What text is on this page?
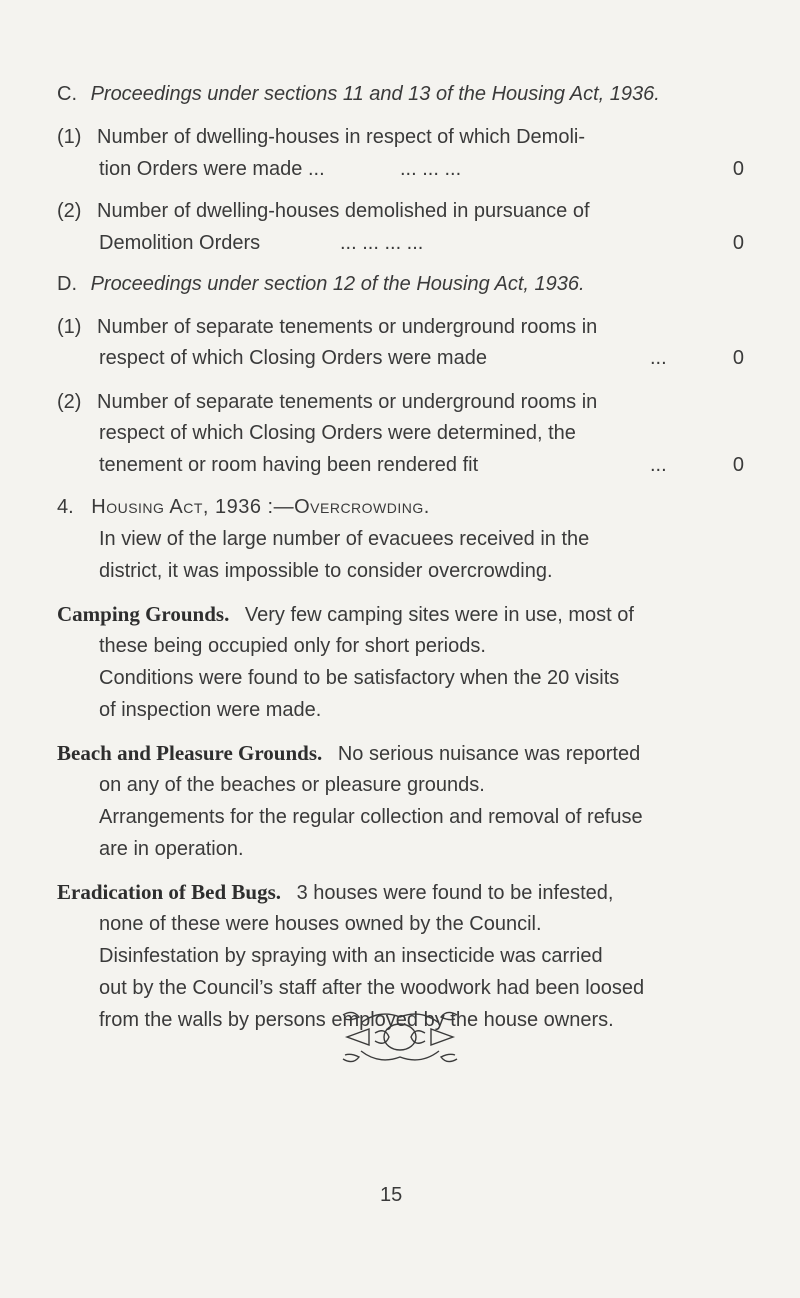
C. Proceedings under sections 11 and 13 of the Housing Act, 1936.
(1) Number of dwelling-houses in respect of which Demoli-
tion Orders were made ...	... ... ...	0
(2) Number of dwelling-houses demolished in pursuance of
Demolition Orders	... ... ... ...	0
D. Proceedings under section 12 of the Housing Act, 1936.
(1) Number of separate tenements or underground rooms in
respect of which Closing Orders were made	...	0
(2) Number of separate tenements or underground rooms in
respect of which Closing Orders were determined, the
tenement or room having been rendered fit	...	0
4. Housing Act, 1936 :—Overcrowding.
In view of the large number of evacuees received in the
district, it was impossible to consider overcrowding.
Camping Grounds. Very few camping sites were in use, most of
these being occupied only for short periods.
Conditions were found to be satisfactory when the 20 visits
of inspection were made.
Beach and Pleasure Grounds. No serious nuisance was reported
on any of the beaches or pleasure grounds.
Arrangements for the regular collection and removal of refuse
are in operation.
Eradication of Bed Bugs. 3 houses were found to be infested,
none of these were houses owned by the Council.
Disinfestation by spraying with an insecticide was carried
out by the Council’s staff after the woodwork had been loosed
from the walls by persons employed by the house owners.
15
